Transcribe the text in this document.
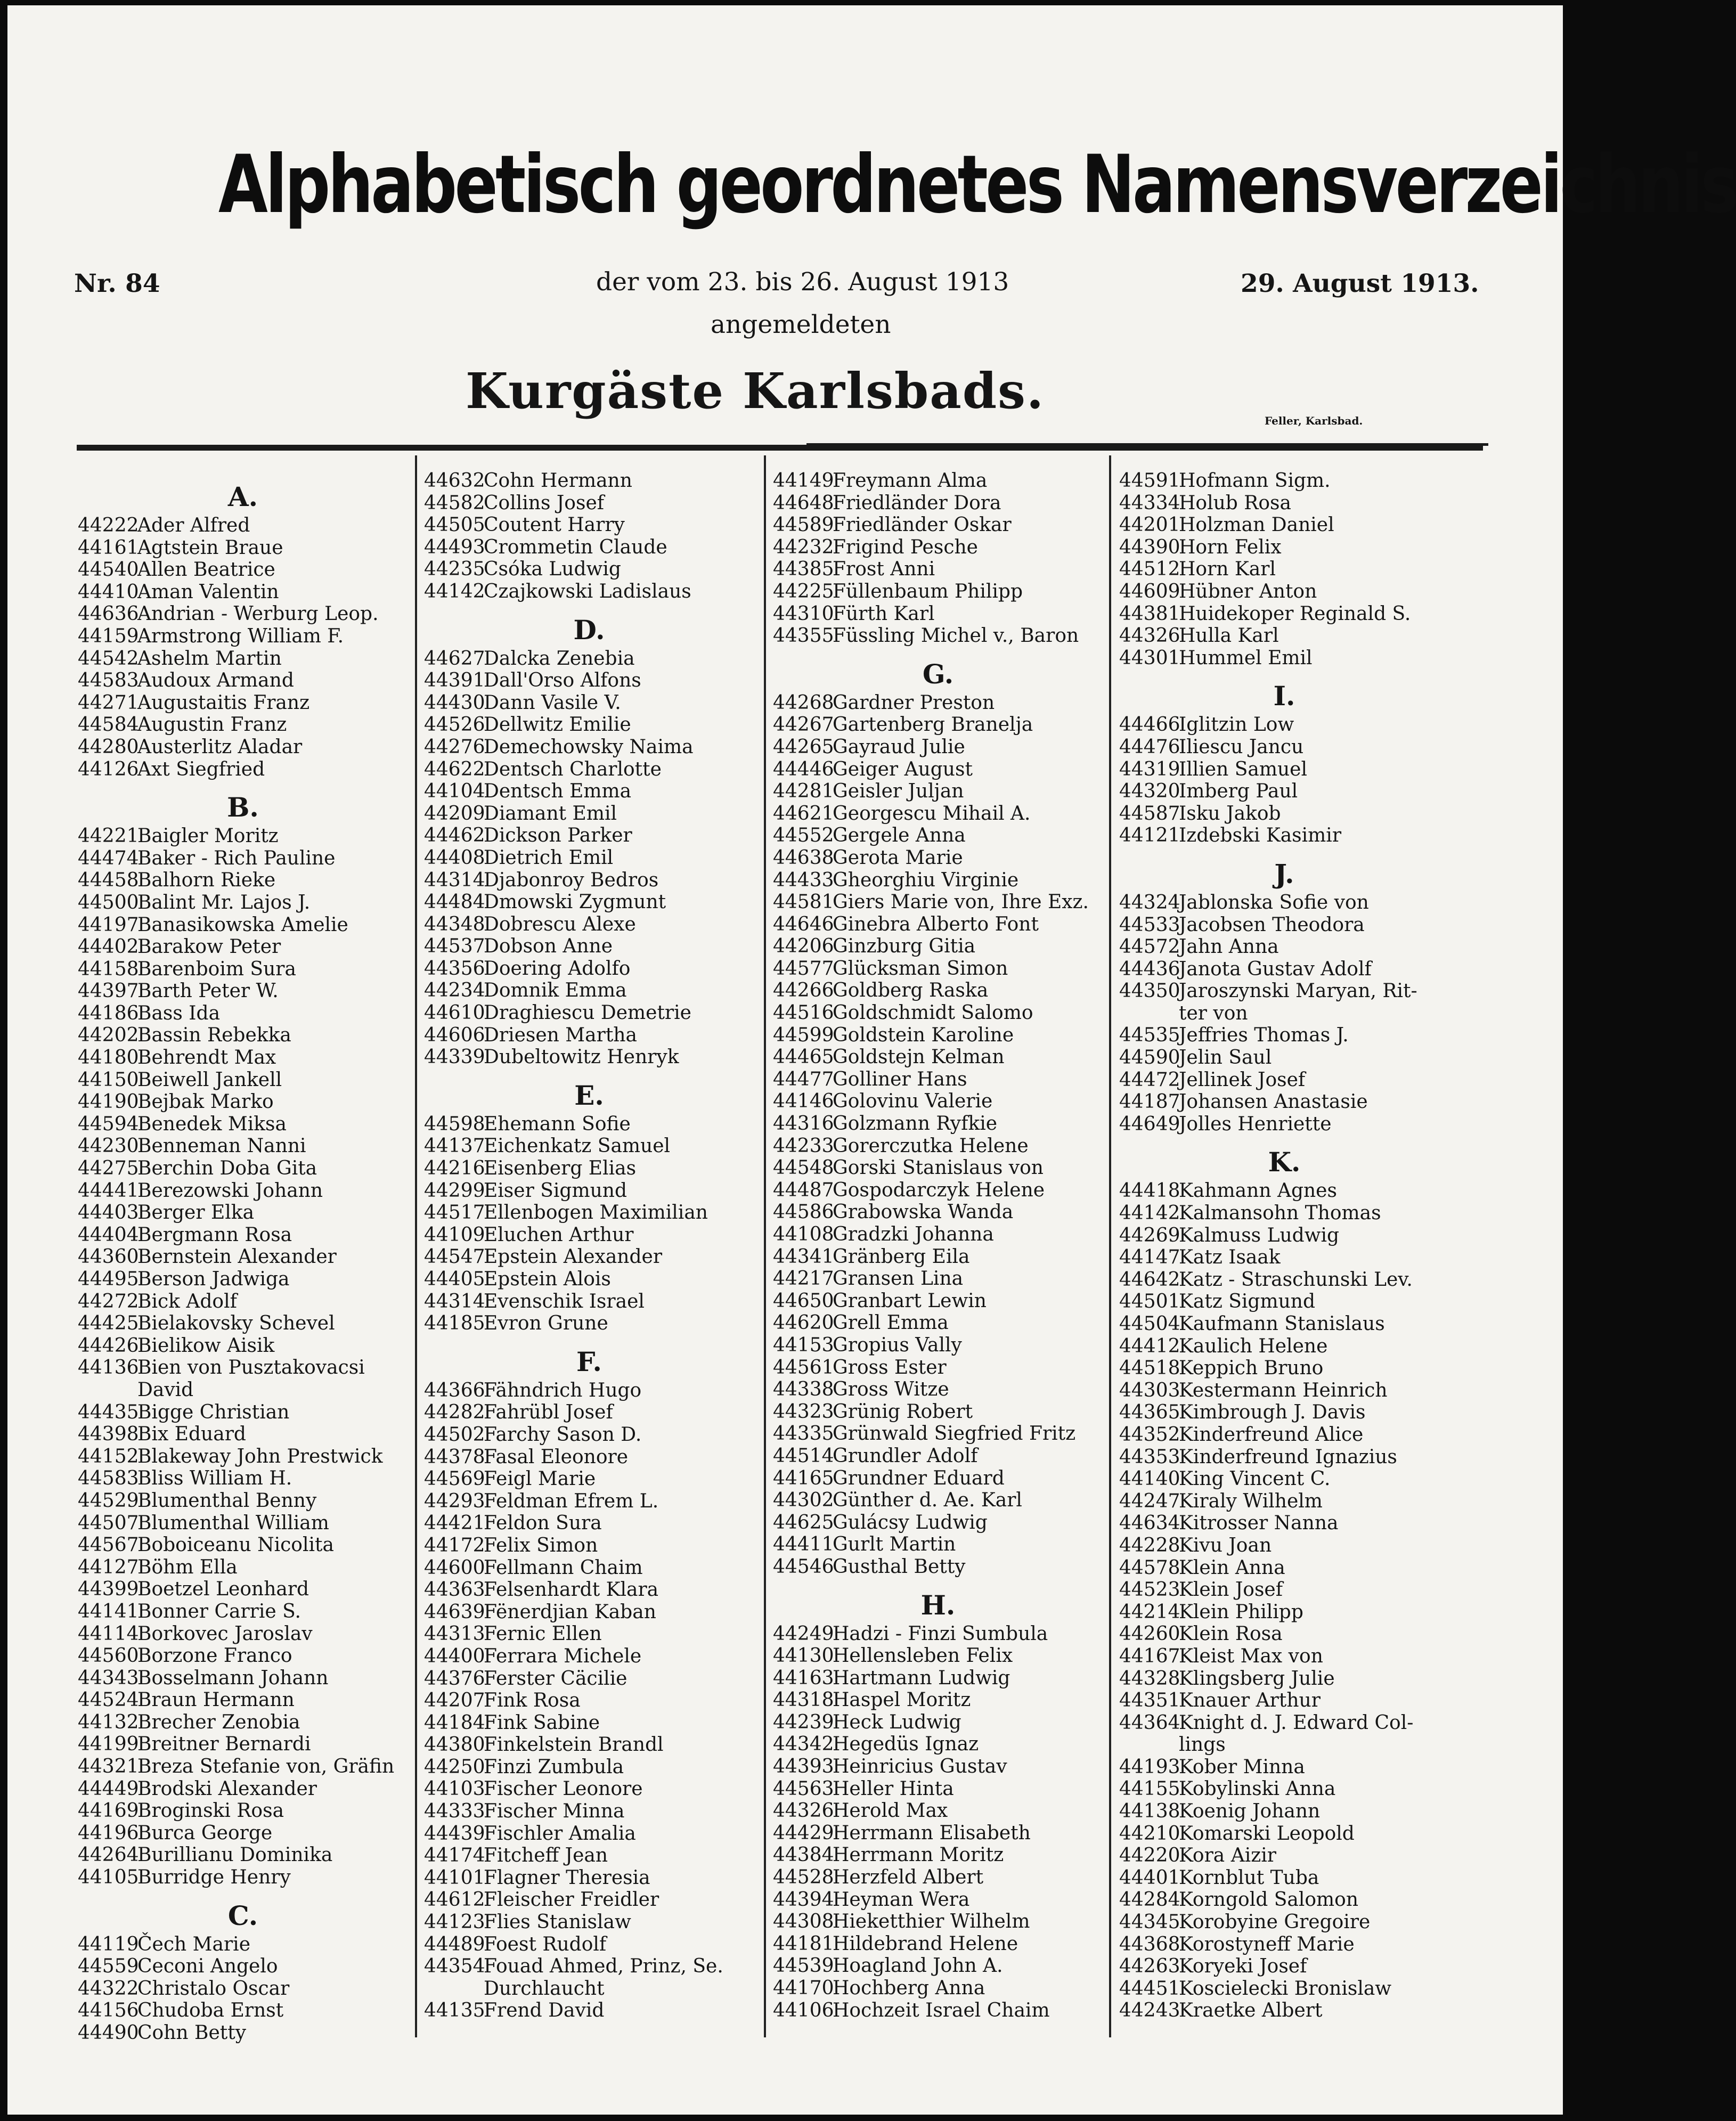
Alphabetisch geordnetes Namensverzeichnis
Nr. 84	der vom 23. bis 26. August 1913	29. August 1913.
angemeldeten
Kurgäste Karlsbads.
Feller, Karlsbad.
A.
44222
Ader Alfred
44161
Agtstein Braue
44540
Allen Beatrice
44410
Aman Valentin
44636
Andrian - Werburg Leop.
44159
Armstrong William F.
44542
Ashelm Martin
44583
Audoux Armand
44271
Augustaitis Franz
44584
Augustin Franz
44280
Austerlitz Aladar
44126
Axt Siegfried
B.
44221
Baigler Moritz
44474
Baker - Rich Pauline
44458
Balhorn Rieke
44500
Balint Mr. Lajos J.
44197
Banasikowska Amelie
44402
Barakow Peter
44158
Barenboim Sura
44397
Barth Peter W.
44186
Bass Ida
44202
Bassin Rebekka
44180
Behrendt Max
44150
Beiwell Jankell
44190
Bejbak Marko
44594
Benedek Miksa
44230
Benneman Nanni
44275
Berchin Doba Gita
44441
Berezowski Johann
44403
Berger Elka
44404
Bergmann Rosa
44360
Bernstein Alexander
44495
Berson Jadwiga
44272
Bick Adolf
44425
Bielakovsky Schevel
44426
Bielikow Aisik
44136
Bien von Pusztakovacsi
David
44435
Bigge Christian
44398
Bix Eduard
44152
Blakeway John Prestwick
44583
Bliss William H.
44529
Blumenthal Benny
44507
Blumenthal William
44567
Boboiceanu Nicolita
44127
Böhm Ella
44399
Boetzel Leonhard
44141
Bonner Carrie S.
44114
Borkovec Jaroslav
44560
Borzone Franco
44343
Bosselmann Johann
44524
Braun Hermann
44132
Brecher Zenobia
44199
Breitner Bernardi
44321
Breza Stefanie von, Gräfin
44449
Brodski Alexander
44169
Broginski Rosa
44196
Burca George
44264
Burillianu Dominika
44105
Burridge Henry
C.
44119
Čech Marie
44559
Ceconi Angelo
44322
Christalo Oscar
44156
Chudoba Ernst
44490
Cohn Betty
44632
Cohn Hermann
44582
Collins Josef
44505
Coutent Harry
44493
Crommetin Claude
44235
Csóka Ludwig
44142
Czajkowski Ladislaus
D.
44627
Dalcka Zenebia
44391
Dall'Orso Alfons
44430
Dann Vasile V.
44526
Dellwitz Emilie
44276
Demechowsky Naima
44622
Dentsch Charlotte
44104
Dentsch Emma
44209
Diamant Emil
44462
Dickson Parker
44408
Dietrich Emil
44314
Djabonroy Bedros
44484
Dmowski Zygmunt
44348
Dobrescu Alexe
44537
Dobson Anne
44356
Doering Adolfo
44234
Domnik Emma
44610
Draghiescu Demetrie
44606
Driesen Martha
44339
Dubeltowitz Henryk
E.
44598
Ehemann Sofie
44137
Eichenkatz Samuel
44216
Eisenberg Elias
44299
Eiser Sigmund
44517
Ellenbogen Maximilian
44109
Eluchen Arthur
44547
Epstein Alexander
44405
Epstein Alois
44314
Evenschik Israel
44185
Evron Grune
F.
44366
Fähndrich Hugo
44282
Fahrübl Josef
44502
Farchy Sason D.
44378
Fasal Eleonore
44569
Feigl Marie
44293
Feldman Efrem L.
44421
Feldon Sura
44172
Felix Simon
44600
Fellmann Chaim
44363
Felsenhardt Klara
44639
Fënerdjian Kaban
44313
Fernic Ellen
44400
Ferrara Michele
44376
Ferster Cäcilie
44207
Fink Rosa
44184
Fink Sabine
44380
Finkelstein Brandl
44250
Finzi Zumbula
44103
Fischer Leonore
44333
Fischer Minna
44439
Fischler Amalia
44174
Fitcheff Jean
44101
Flagner Theresia
44612
Fleischer Freidler
44123
Flies Stanislaw
44489
Foest Rudolf
44354
Fouad Ahmed, Prinz, Se.
Durchlaucht
44135
Frend David
44149
Freymann Alma
44648
Friedländer Dora
44589
Friedländer Oskar
44232
Frigind Pesche
44385
Frost Anni
44225
Füllenbaum Philipp
44310
Fürth Karl
44355
Füssling Michel v., Baron
G.
44268
Gardner Preston
44267
Gartenberg Branelja
44265
Gayraud Julie
44446
Geiger August
44281
Geisler Juljan
44621
Georgescu Mihail A.
44552
Gergele Anna
44638
Gerota Marie
44433
Gheorghiu Virginie
44581
Giers Marie von, Ihre Exz.
44646
Ginebra Alberto Font
44206
Ginzburg Gitia
44577
Glücksman Simon
44266
Goldberg Raska
44516
Goldschmidt Salomo
44599
Goldstein Karoline
44465
Goldstejn Kelman
44477
Golliner Hans
44146
Golovinu Valerie
44316
Golzmann Ryfkie
44233
Gorerczutka Helene
44548
Gorski Stanislaus von
44487
Gospodarczyk Helene
44586
Grabowska Wanda
44108
Gradzki Johanna
44341
Gränberg Eila
44217
Gransen Lina
44650
Granbart Lewin
44620
Grell Emma
44153
Gropius Vally
44561
Gross Ester
44338
Gross Witze
44323
Grünig Robert
44335
Grünwald Siegfried Fritz
44514
Grundler Adolf
44165
Grundner Eduard
44302
Günther d. Ae. Karl
44625
Gulácsy Ludwig
44411
Gurlt Martin
44546
Gusthal Betty
H.
44249
Hadzi - Finzi Sumbula
44130
Hellensleben Felix
44163
Hartmann Ludwig
44318
Haspel Moritz
44239
Heck Ludwig
44342
Hegedüs Ignaz
44393
Heinricius Gustav
44563
Heller Hinta
44326
Herold Max
44429
Herrmann Elisabeth
44384
Herrmann Moritz
44528
Herzfeld Albert
44394
Heyman Wera
44308
Hieketthier Wilhelm
44181
Hildebrand Helene
44539
Hoagland John A.
44170
Hochberg Anna
44106
Hochzeit Israel Chaim
44591
Hofmann Sigm.
44334
Holub Rosa
44201
Holzman Daniel
44390
Horn Felix
44512
Horn Karl
44609
Hübner Anton
44381
Huidekoper Reginald S.
44326
Hulla Karl
44301
Hummel Emil
I.
44466
Iglitzin Low
44476
Iliescu Jancu
44319
Illien Samuel
44320
Imberg Paul
44587
Isku Jakob
44121
Izdebski Kasimir
J.
44324
Jablonska Sofie von
44533
Jacobsen Theodora
44572
Jahn Anna
44436
Janota Gustav Adolf
44350
Jaroszynski Maryan, Rit-
ter von
44535
Jeffries Thomas J.
44590
Jelin Saul
44472
Jellinek Josef
44187
Johansen Anastasie
44649
Jolles Henriette
K.
44418
Kahmann Agnes
44142
Kalmansohn Thomas
44269
Kalmuss Ludwig
44147
Katz Isaak
44642
Katz - Straschunski Lev.
44501
Katz Sigmund
44504
Kaufmann Stanislaus
44412
Kaulich Helene
44518
Keppich Bruno
44303
Kestermann Heinrich
44365
Kimbrough J. Davis
44352
Kinderfreund Alice
44353
Kinderfreund Ignazius
44140
King Vincent C.
44247
Kiraly Wilhelm
44634
Kitrosser Nanna
44228
Kivu Joan
44578
Klein Anna
44523
Klein Josef
44214
Klein Philipp
44260
Klein Rosa
44167
Kleist Max von
44328
Klingsberg Julie
44351
Knauer Arthur
44364
Knight d. J. Edward Col-
lings
44193
Kober Minna
44155
Kobylinski Anna
44138
Koenig Johann
44210
Komarski Leopold
44220
Kora Aizir
44401
Kornblut Tuba
44284
Korngold Salomon
44345
Korobyine Gregoire
44368
Korostyneff Marie
44263
Koryeki Josef
44451
Koscielecki Bronislaw
44243
Kraetke Albert
